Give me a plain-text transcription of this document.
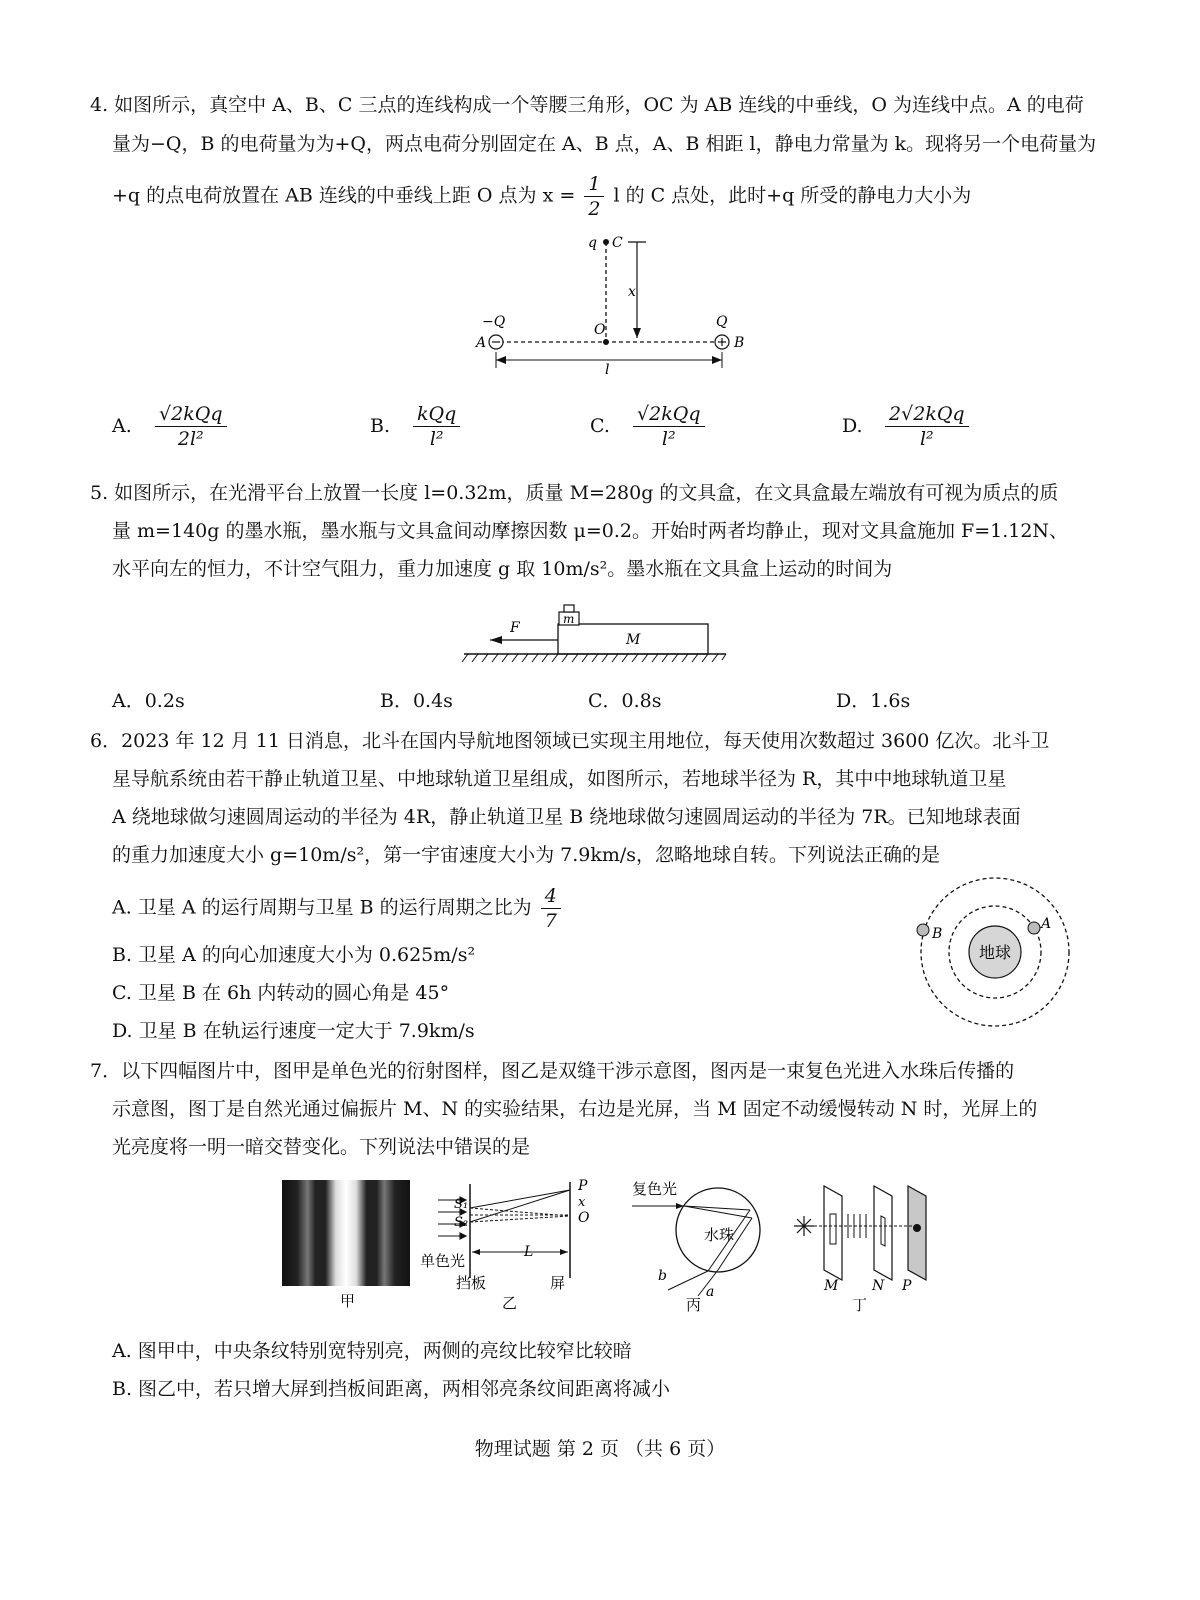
4. 如图所示，真空中 A、B、C 三点的连线构成一个等腰三角形，OC 为 AB 连线的中垂线，O 为连线中点。A 的电荷
量为−Q，B 的电荷量为为+Q，两点电荷分别固定在 A、B 点，A、B 相距 l，静电力常量为 k。现将另一个电荷量为
+q 的点电荷放置在 AB 连线的中垂线上距 O 点为 $x = \frac{1}{2}$ l 的 C 点处，此时+q 所受的静电力大小为
q C
x
O
−Q	Q
A	B
l
A. $\frac{\text{√2kQq}}{\text{2l²}}$	B. $\frac{\text{kQq}}{\text{l²}}$	C. $\frac{\text{√2kQq}}{\text{l²}}$	D. $\frac{\text{2√2kQq}}{\text{l²}}$
5. 如图所示，在光滑平台上放置一长度 l=0.32m，质量 M=280g 的文具盒，在文具盒最左端放有可视为质点的质
量 m=140g 的墨水瓶，墨水瓶与文具盒间动摩擦因数 μ=0.2。开始时两者均静止，现对文具盒施加 F=1.12N、
水平向左的恒力，不计空气阻力，重力加速度 g 取 10m/s²。墨水瓶在文具盒上运动的时间为
m
M
F
A．0.2s	B．0.4s	C．0.8s	D．1.6s
6．2023 年 12 月 11 日消息，北斗在国内导航地图领域已实现主用地位，每天使用次数超过 3600 亿次。北斗卫
星导航系统由若干静止轨道卫星、中地球轨道卫星组成，如图所示，若地球半径为 R，其中中地球轨道卫星
A 绕地球做匀速圆周运动的半径为 4R，静止轨道卫星 B 绕地球做匀速圆周运动的半径为 7R。已知地球表面
的重力加速度大小 g=10m/s²，第一宇宙速度大小为 7.9km/s，忽略地球自转。下列说法正确的是
A. 卫星 A 的运行周期与卫星 B 的运行周期之比为 $\frac{4}{7}$
B. 卫星 A 的向心加速度大小为 0.625m/s²
C. 卫星 B 在 6h 内转动的圆心角是 45°
D. 卫星 B 在轨运行速度一定大于 7.9km/s
地球
A
B
7．以下四幅图片中，图甲是单色光的衍射图样，图乙是双缝干涉示意图，图丙是一束复色光进入水珠后传播的
示意图，图丁是自然光通过偏振片 M、N 的实验结果，右边是光屏，当 M 固定不动缓慢转动 N 时，光屏上的
光亮度将一明一暗交替变化。下列说法中错误的是
甲
S₁
S₂
P
x
O
L
单色光
挡板	屏
乙
复色光
水珠
b
a
丙
M N P
丁
A. 图甲中，中央条纹特别宽特别亮，两侧的亮纹比较窄比较暗
B. 图乙中，若只增大屏到挡板间距离，两相邻亮条纹间距离将减小
物理试题 第 2 页 （共 6 页）
